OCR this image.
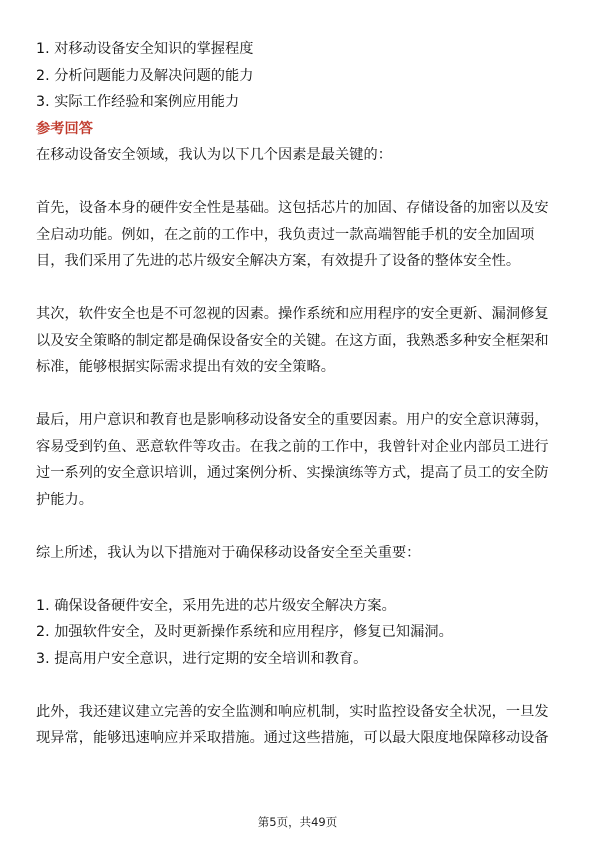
1. 对移动设备安全知识的掌握程度
2. 分析问题能力及解决问题的能力
3. 实际工作经验和案例应用能力
参考回答
在移动设备安全领域，我认为以下几个因素是最关键的：
首先，设备本身的硬件安全性是基础。这包括芯片的加固、存储设备的加密以及安
全启动功能。例如，在之前的工作中，我负责过一款高端智能手机的安全加固项
目，我们采用了先进的芯片级安全解决方案，有效提升了设备的整体安全性。
其次，软件安全也是不可忽视的因素。操作系统和应用程序的安全更新、漏洞修复
以及安全策略的制定都是确保设备安全的关键。在这方面，我熟悉多种安全框架和
标准，能够根据实际需求提出有效的安全策略。
最后，用户意识和教育也是影响移动设备安全的重要因素。用户的安全意识薄弱，
容易受到钓鱼、恶意软件等攻击。在我之前的工作中，我曾针对企业内部员工进行
过一系列的安全意识培训，通过案例分析、实操演练等方式，提高了员工的安全防
护能力。
综上所述，我认为以下措施对于确保移动设备安全至关重要：
1. 确保设备硬件安全，采用先进的芯片级安全解决方案。
2. 加强软件安全，及时更新操作系统和应用程序，修复已知漏洞。
3. 提高用户安全意识，进行定期的安全培训和教育。
此外，我还建议建立完善的安全监测和响应机制，实时监控设备安全状况，一旦发
现异常，能够迅速响应并采取措施。通过这些措施，可以最大限度地保障移动设备
第5页，共49页
